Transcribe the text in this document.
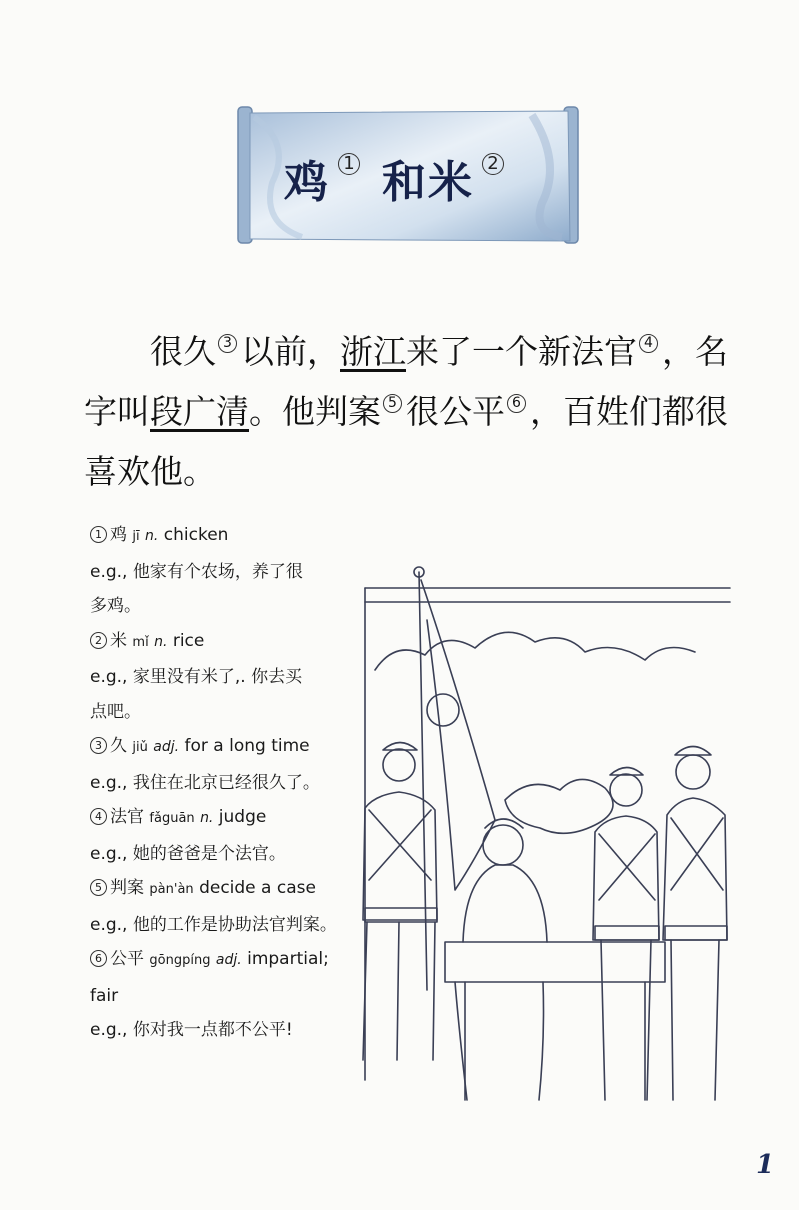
鸡 1 和米 2
很久 3 以前，浙江来了一个新法官 4 ，名
字叫段广清。他判案 5 很公平 6 ，百姓们都很
喜欢他。
1 鸡 jī n. chicken
e.g., 他家有个农场，养了很
多鸡。
2 米 mǐ n. rice
e.g., 家里没有米了,. 你去买
点吧。
3 久 jiǔ adj. for a long time
e.g., 我住在北京已经很久了。
4 法官 fǎguān n. judge
e.g., 她的爸爸是个法官。
5 判案 pàn'àn decide a case
e.g., 他的工作是协助法官判案。
6 公平 gōngpíng adj. impartial;
fair
e.g., 你对我一点都不公平!
1
